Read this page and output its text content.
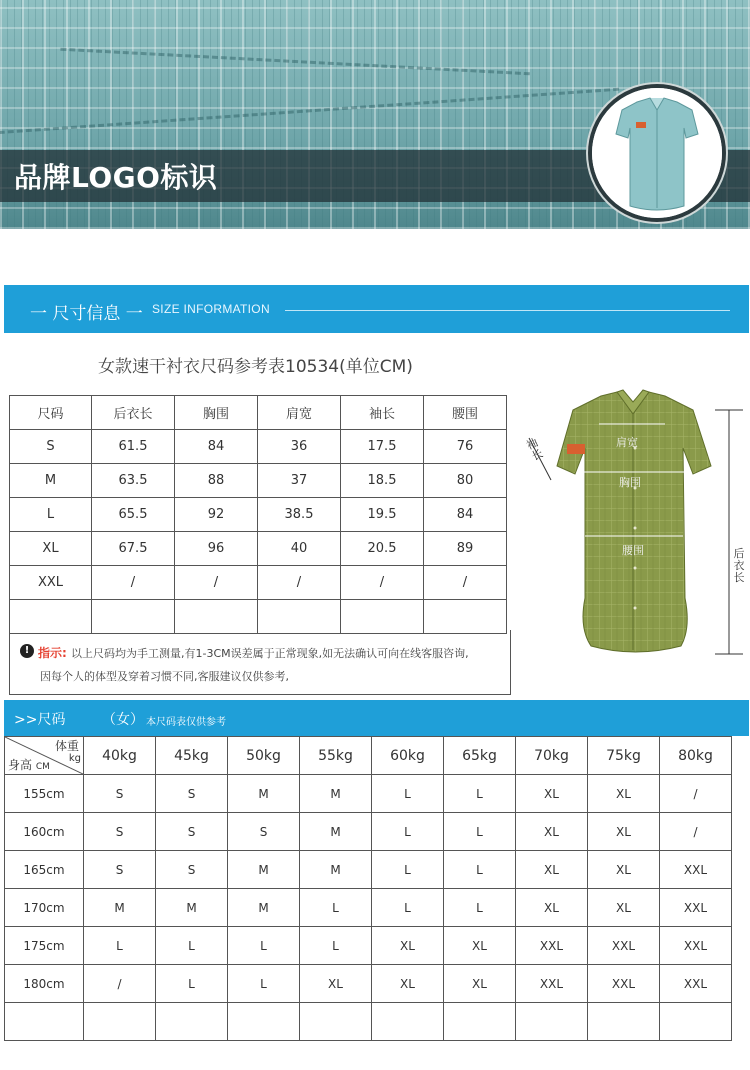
品牌LOGO标识
一 尺寸信息 一 SIZE INFORMATION
女款速干衬衣尺码参考表10534(单位CM)
尺码	后衣长	胸围	肩宽	袖长	腰围
S	61.5	84	36	17.5	76
M	63.5	88	37	18.5	80
L	65.5	92	38.5	19.5	84
XL	67.5	96	40	20.5	89
XXL	/	/	/	/	/

! 指示: 以上尺码均为手工测量,有1-3CM误差属于正常现象,如无法确认可向在线客服咨询,
因每个人的体型及穿着习惯不同,客服建议仅供参考,
肩宽
胸围
腰围
袖长
后衣长
>>尺码	（女） 本尺码表仅供参考
体重
kg
身高 CM	40kg	45kg	50kg	55kg	60kg	65kg	70kg	75kg	80kg
155cm	S	S	M	M	L	L	XL	XL	/
160cm	S	S	S	M	L	L	XL	XL	/
165cm	S	S	M	M	L	L	XL	XL	XXL
170cm	M	M	M	L	L	L	XL	XL	XXL
175cm	L	L	L	L	XL	XL	XXL	XXL	XXL
180cm	/	L	L	XL	XL	XL	XXL	XXL	XXL
